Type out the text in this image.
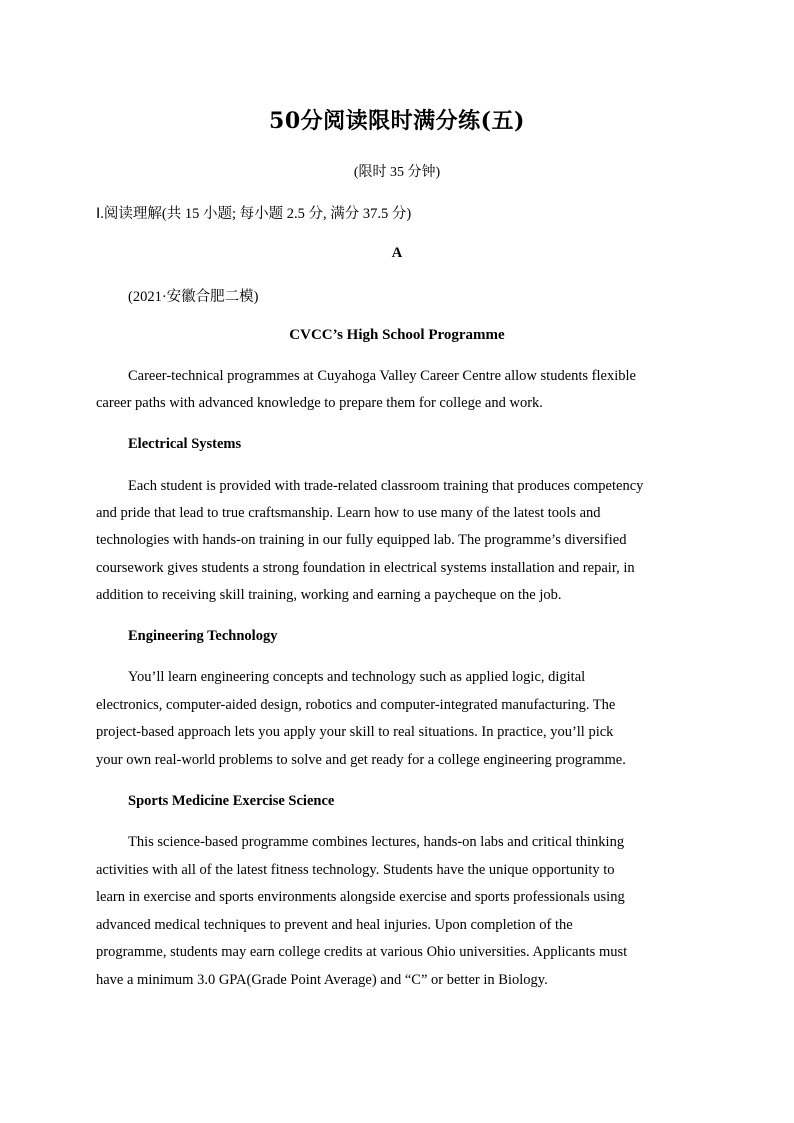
50分阅读限时满分练(五)
(限时 35 分钟)
Ⅰ.阅读理解(共 15 小题; 每小题 2.5 分, 满分 37.5 分)
A
(2021·安徽合肥二模)
CVCC’s High School Programme
Career-technical programmes at Cuyahoga Valley Career Centre allow students flexible
career paths with advanced knowledge to prepare them for college and work.
Electrical Systems
Each student is provided with trade-related classroom training that produces competency
and pride that lead to true craftsmanship. Learn how to use many of the latest tools and
technologies with hands-on training in our fully equipped lab. The programme’s diversified
coursework gives students a strong foundation in electrical systems installation and repair, in
addition to receiving skill training, working and earning a paycheque on the job.
Engineering Technology
You’ll learn engineering concepts and technology such as applied logic, digital
electronics, computer-aided design, robotics and computer-integrated manufacturing. The
project-based approach lets you apply your skill to real situations. In practice, you’ll pick
your own real-world problems to solve and get ready for a college engineering programme.
Sports Medicine Exercise Science
This science-based programme combines lectures, hands-on labs and critical thinking
activities with all of the latest fitness technology. Students have the unique opportunity to
learn in exercise and sports environments alongside exercise and sports professionals using
advanced medical techniques to prevent and heal injuries. Upon completion of the
programme, students may earn college credits at various Ohio universities. Applicants must
have a minimum 3.0 GPA(Grade Point Average) and “C” or better in Biology.
